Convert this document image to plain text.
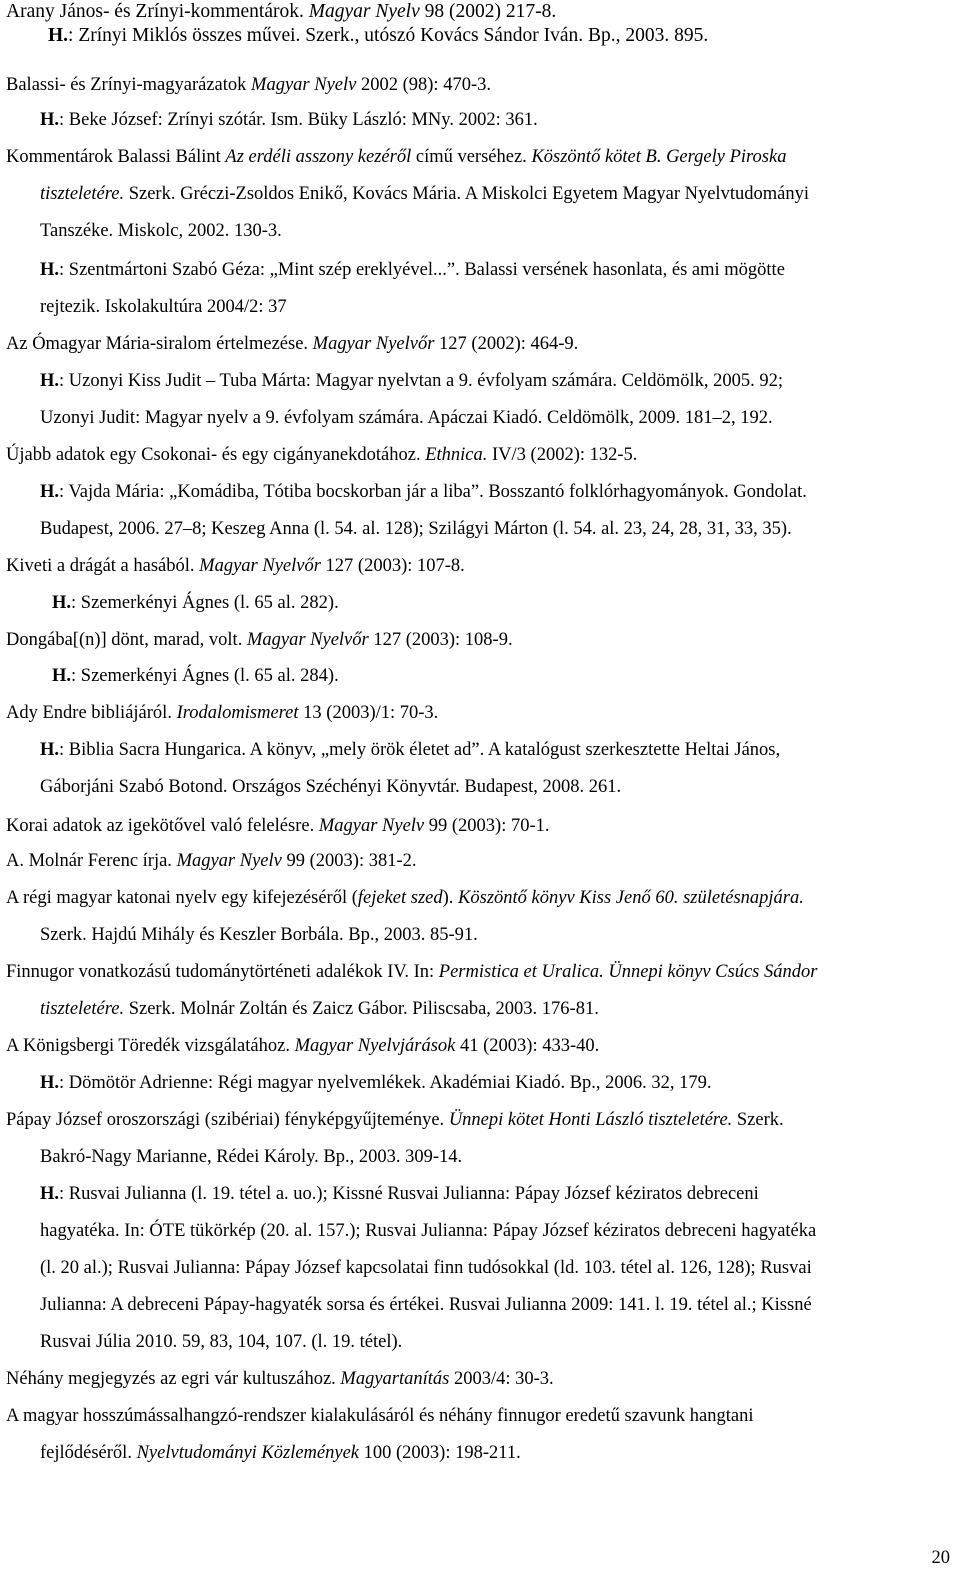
Arany János- és Zrínyi-kommentárok. Magyar Nyelv 98 (2002) 217-8.
H.: Zrínyi Miklós összes művei. Szerk., utószó Kovács Sándor Iván. Bp., 2003. 895.
Balassi- és Zrínyi-magyarázatok Magyar Nyelv 2002 (98): 470-3.
H.: Beke József: Zrínyi szótár. Ism. Büky László: MNy. 2002: 361.
Kommentárok Balassi Bálint Az erdéli asszony kezéről című verséhez. Köszöntő kötet B. Gergely Piroska
tiszteletére. Szerk. Gréczi-Zsoldos Enikő, Kovács Mária. A Miskolci Egyetem Magyar Nyelvtudományi
Tanszéke. Miskolc, 2002. 130-3.
H.: Szentmártoni Szabó Géza: „Mint szép ereklyével...”. Balassi versének hasonlata, és ami mögötte
rejtezik. Iskolakultúra 2004/2: 37
Az Ómagyar Mária-siralom értelmezése. Magyar Nyelvőr 127 (2002): 464-9.
H.: Uzonyi Kiss Judit – Tuba Márta: Magyar nyelvtan a 9. évfolyam számára. Celdömölk, 2005. 92;
Uzonyi Judit: Magyar nyelv a 9. évfolyam számára. Apáczai Kiadó. Celdömölk, 2009. 181–2, 192.
Újabb adatok egy Csokonai- és egy cigányanekdotához. Ethnica. IV/3 (2002): 132-5.
H.: Vajda Mária: „Komádiba, Tótiba bocskorban jár a liba”. Bosszantó folklórhagyományok. Gondolat.
Budapest, 2006. 27–8; Keszeg Anna (l. 54. al. 128); Szilágyi Márton (l. 54. al. 23, 24, 28, 31, 33, 35).
Kiveti a drágát a hasából. Magyar Nyelvőr 127 (2003): 107-8.
H.: Szemerkényi Ágnes (l. 65 al. 282).
Dongába[(n)] dönt, marad, volt. Magyar Nyelvőr 127 (2003): 108-9.
H.: Szemerkényi Ágnes (l. 65 al. 284).
Ady Endre bibliájáról. Irodalomismeret 13 (2003)/1: 70-3.
H.: Biblia Sacra Hungarica. A könyv, „mely örök életet ad”. A katalógust szerkesztette Heltai János,
Gáborjáni Szabó Botond. Országos Széchényi Könyvtár. Budapest, 2008. 261.
Korai adatok az igekötővel való felelésre. Magyar Nyelv 99 (2003): 70-1.
A. Molnár Ferenc írja. Magyar Nyelv 99 (2003): 381-2.
A régi magyar katonai nyelv egy kifejezéséről (fejeket szed). Köszöntő könyv Kiss Jenő 60. születésnapjára.
Szerk. Hajdú Mihály és Keszler Borbála. Bp., 2003. 85-91.
Finnugor vonatkozású tudománytörténeti adalékok IV. In: Permistica et Uralica. Ünnepi könyv Csúcs Sándor
tiszteletére. Szerk. Molnár Zoltán és Zaicz Gábor. Piliscsaba, 2003. 176-81.
A Königsbergi Töredék vizsgálatához. Magyar Nyelvjárások 41 (2003): 433-40.
H.: Dömötör Adrienne: Régi magyar nyelvemlékek. Akadémiai Kiadó. Bp., 2006. 32, 179.
Pápay József oroszországi (szibériai) fényképgyűjteménye. Ünnepi kötet Honti László tiszteletére. Szerk.
Bakró-Nagy Marianne, Rédei Károly. Bp., 2003. 309-14.
H.: Rusvai Julianna (l. 19. tétel a. uo.); Kissné Rusvai Julianna: Pápay József kéziratos debreceni
hagyatéka. In: ÓTE tükörkép (20. al. 157.); Rusvai Julianna: Pápay József kéziratos debreceni hagyatéka
(l. 20 al.); Rusvai Julianna: Pápay József kapcsolatai finn tudósokkal (ld. 103. tétel al. 126, 128); Rusvai
Julianna: A debreceni Pápay-hagyaték sorsa és értékei. Rusvai Julianna 2009: 141. l. 19. tétel al.; Kissné
Rusvai Júlia 2010. 59, 83, 104, 107. (l. 19. tétel).
Néhány megjegyzés az egri vár kultuszához. Magyartanítás 2003/4: 30-3.
A magyar hosszúmássalhangzó-rendszer kialakulásáról és néhány finnugor eredetű szavunk hangtani
fejlődéséről. Nyelvtudományi Közlemények 100 (2003): 198-211.
20
